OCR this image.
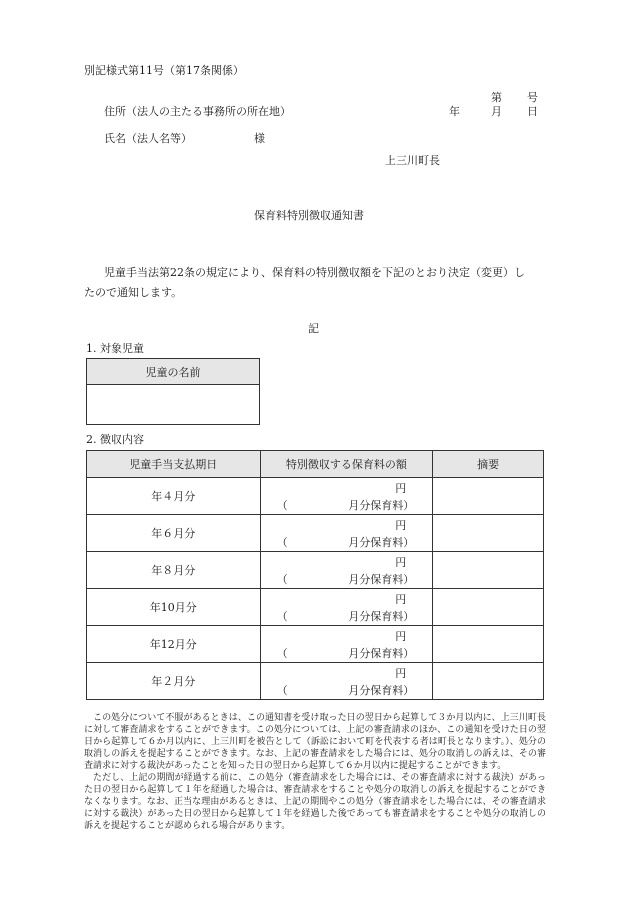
別記様式第11号（第17条関係）
第 号
住所（法人の主たる事務所の所在地）	年	月 日
氏名（法人名等）	様
上三川町長
保育料特別徴収通知書
児童手当法第22条の規定により、保育料の特別徴収額を下記のとおり決定（変更）し
たので通知します。
記
1. 対象児童
児童の名前

2. 徴収内容
児童手当支払期日	特別徴収する保育料の額	摘要
年４月分	円
（ 月分保育料）	

年６月分	円
（ 月分保育料）	

年８月分	円
（ 月分保育料）	

年10月分	円
（ 月分保育料）	

年12月分	円
（ 月分保育料）	

年２月分	円
（ 月分保育料）	

この処分について不服があるときは、この通知書を受け取った日の翌日から起算して３か月以内に、上三川町長に対して審査請求をすることができます。この処分については、上記の審査請求のほか、この通知を受けた日の翌日から起算して６か月以内に、上三川町を被告として（訴訟において町を代表する者は町長となります。）、処分の取消しの訴えを提起することができます。なお、上記の審査請求をした場合には、処分の取消しの訴えは、その審査請求に対する裁決があったことを知った日の翌日から起算して６か月以内に提起することができます。

ただし、上記の期間が経過する前に、この処分（審査請求をした場合には、その審査請求に対する裁決）があった日の翌日から起算して１年を経過した場合は、審査請求をすることや処分の取消しの訴えを提起することができなくなります。なお、正当な理由があるときは、上記の期間やこの処分（審査請求をした場合には、その審査請求に対する裁決）があった日の翌日から起算して１年を経過した後であっても審査請求をすることや処分の取消しの訴えを提起することが認められる場合があります。
